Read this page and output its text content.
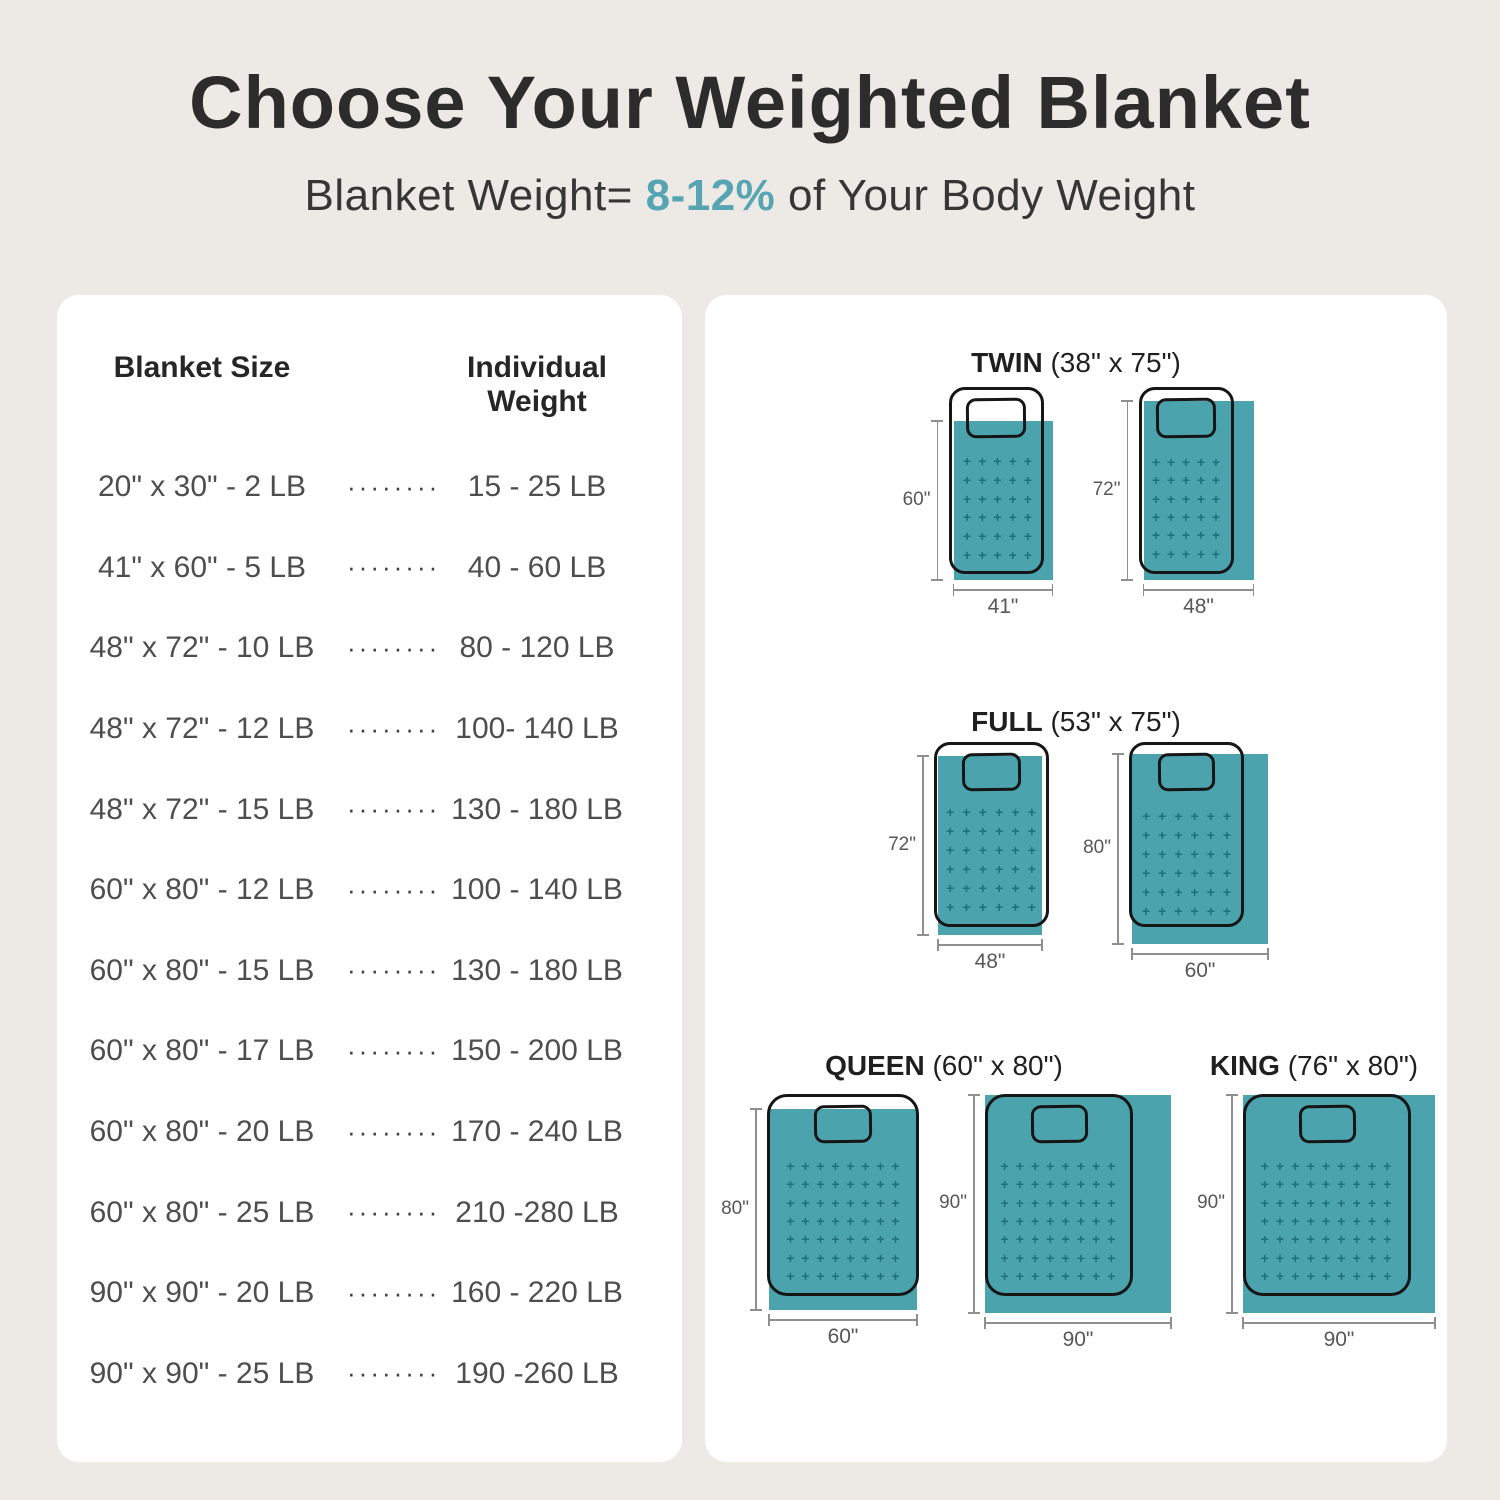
Choose Your Weighted Blanket

Blanket Weight= 8-12% of Your Body Weight

Blanket Size	Individual Weight
20" x 30" - 2 LB	········ 15 - 25 LB
41" x 60" - 5 LB	········ 40 - 60 LB
48" x 72" - 10 LB	········ 80 - 120 LB
48" x 72" - 12 LB	········ 100- 140 LB
48" x 72" - 15 LB	········ 130 - 180 LB
60" x 80" - 12 LB	········ 100 - 140 LB
60" x 80" - 15 LB	········ 130 - 180 LB
60" x 80" - 17 LB	········ 150 - 200 LB
60" x 80" - 20 LB	········ 170 - 240 LB
60" x 80" - 25 LB	········ 210 -280 LB
90" x 90" - 20 LB	········ 160 - 220 LB
90" x 90" - 25 LB	········ 190 -260 LB
TWIN (38" x 75")
+ + + + +
+ + + + +
+ + + + +
+ + + + +
+ + + + +
+ + + + +
60"
41"
+ + + + +
+ + + + +
+ + + + +
+ + + + +
+ + + + +
+ + + + +
72"
48"
FULL (53" x 75")
+ + + + + +
+ + + + + +
+ + + + + +
+ + + + + +
+ + + + + +
+ + + + + +
72"
48"
+ + + + + +
+ + + + + +
+ + + + + +
+ + + + + +
+ + + + + +
+ + + + + +
80"
60"
QUEEN (60" x 80")
+ + + + + + + +
+ + + + + + + +
+ + + + + + + +
+ + + + + + + +
+ + + + + + + +
+ + + + + + + +
+ + + + + + + +
80"
60"
+ + + + + + + +
+ + + + + + + +
+ + + + + + + +
+ + + + + + + +
+ + + + + + + +
+ + + + + + + +
+ + + + + + + +
90"
90"
KING (76" x 80")
+ + + + + + + + +
+ + + + + + + + +
+ + + + + + + + +
+ + + + + + + + +
+ + + + + + + + +
+ + + + + + + + +
+ + + + + + + + +
90"
90"
